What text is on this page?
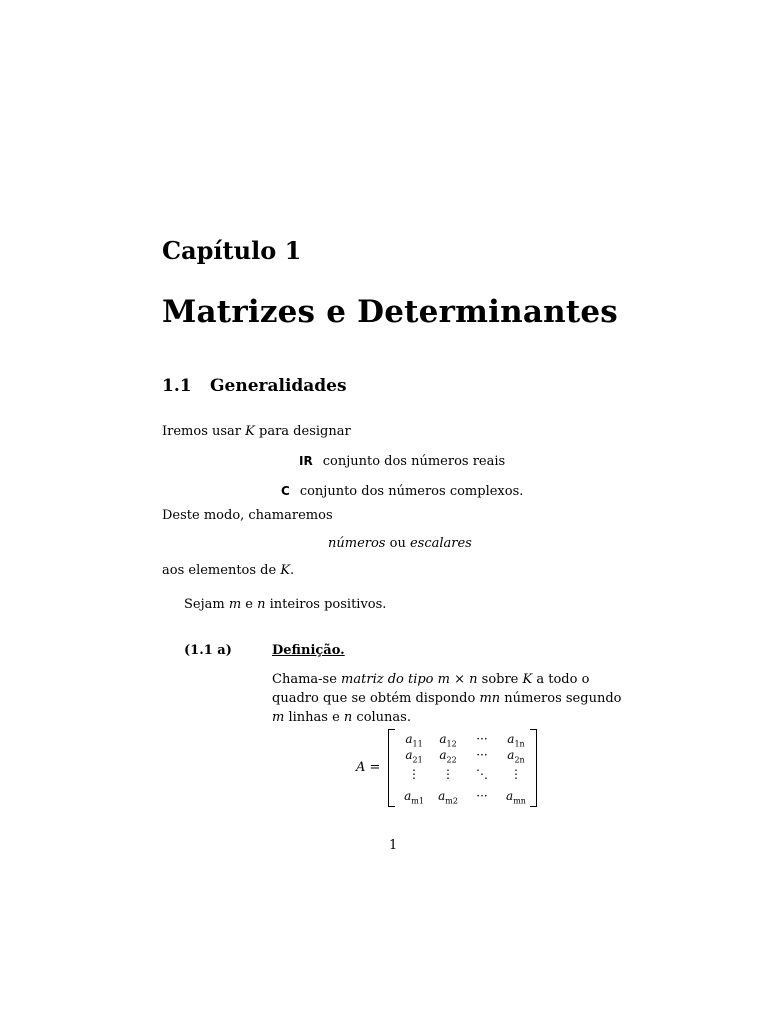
Capítulo 1
Matrizes e Determinantes
1.1 Generalidades
Iremos usar K para designar
IR conjunto dos números reais
C conjunto dos números complexos.
Deste modo, chamaremos
números ou escalares
aos elementos de K.
Sejam m e n inteiros positivos.
(1.1 a)	Definição.
Chama-se matriz do tipo m × n sobre K a todo o quadro que se obtém dispondo mn números segundo m linhas e n colunas.
A =
$a_{11}$	$a_{12}$	···	$a_{1n}$
$a_{21}$	$a_{22}$	···	$a_{2n}$
⋮	⋮	⋱	⋮
$a_{m1}$	$a_{m2}$	···	$a_{mn}$
1
